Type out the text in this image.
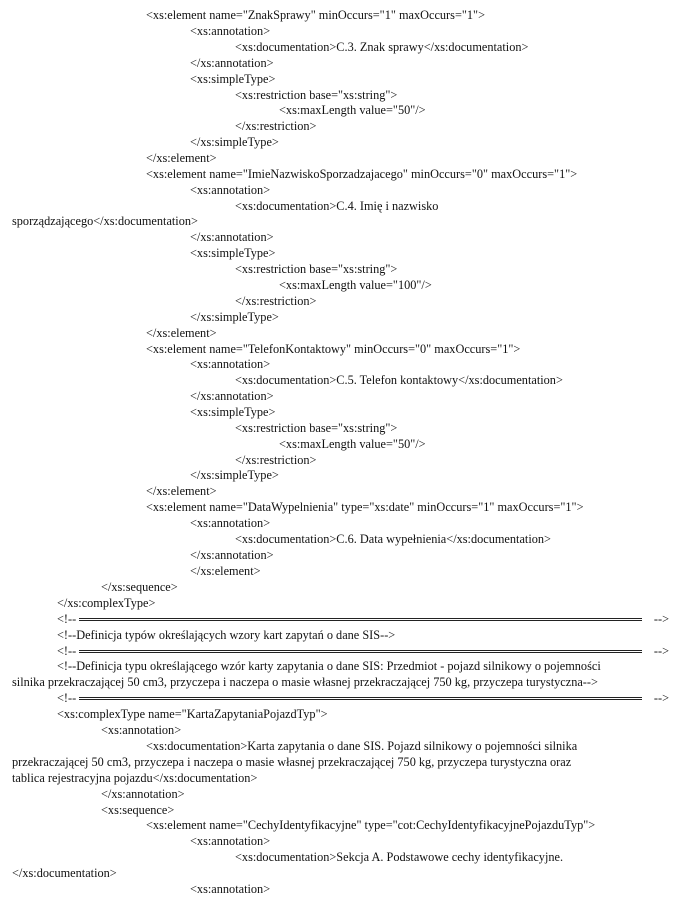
<xs:element name="ZnakSprawy" minOccurs="1" maxOccurs="1">
<xs:annotation>
<xs:documentation>C.3. Znak sprawy</xs:documentation>
</xs:annotation>
<xs:simpleType>
<xs:restriction base="xs:string">
<xs:maxLength value="50"/>
</xs:restriction>
</xs:simpleType>
</xs:element>
<xs:element name="ImieNazwiskoSporzadzajacego" minOccurs="0" maxOccurs="1">
<xs:annotation>
<xs:documentation>C.4. Imię i nazwisko
sporządzającego</xs:documentation>
</xs:annotation>
<xs:simpleType>
<xs:restriction base="xs:string">
<xs:maxLength value="100"/>
</xs:restriction>
</xs:simpleType>
</xs:element>
<xs:element name="TelefonKontaktowy" minOccurs="0" maxOccurs="1">
<xs:annotation>
<xs:documentation>C.5. Telefon kontaktowy</xs:documentation>
</xs:annotation>
<xs:simpleType>
<xs:restriction base="xs:string">
<xs:maxLength value="50"/>
</xs:restriction>
</xs:simpleType>
</xs:element>
<xs:element name="DataWypelnienia" type="xs:date" minOccurs="1" maxOccurs="1">
<xs:annotation>
<xs:documentation>C.6. Data wypełnienia</xs:documentation>
</xs:annotation>
</xs:element>
</xs:sequence>
</xs:complexType>
<!--	-->
<!--Definicja typów określających wzory kart zapytań o dane SIS-->
<!--	-->
<!--Definicja typu określającego wzór karty zapytania o dane SIS: Przedmiot - pojazd silnikowy o pojemności
silnika przekraczającej 50 cm3, przyczepa i naczepa o masie własnej przekraczającej 750 kg, przyczepa turystyczna-->
<!--	-->
<xs:complexType name="KartaZapytaniaPojazdTyp">
<xs:annotation>
<xs:documentation>Karta zapytania o dane SIS. Pojazd silnikowy o pojemności silnika
przekraczającej 50 cm3, przyczepa i naczepa o masie własnej przekraczającej 750 kg, przyczepa turystyczna oraz
tablica rejestracyjna pojazdu</xs:documentation>
</xs:annotation>
<xs:sequence>
<xs:element name="CechyIdentyfikacyjne" type="cot:CechyIdentyfikacyjnePojazduTyp">
<xs:annotation>
<xs:documentation>Sekcja A. Podstawowe cechy identyfikacyjne.
</xs:documentation>
<xs:annotation>
